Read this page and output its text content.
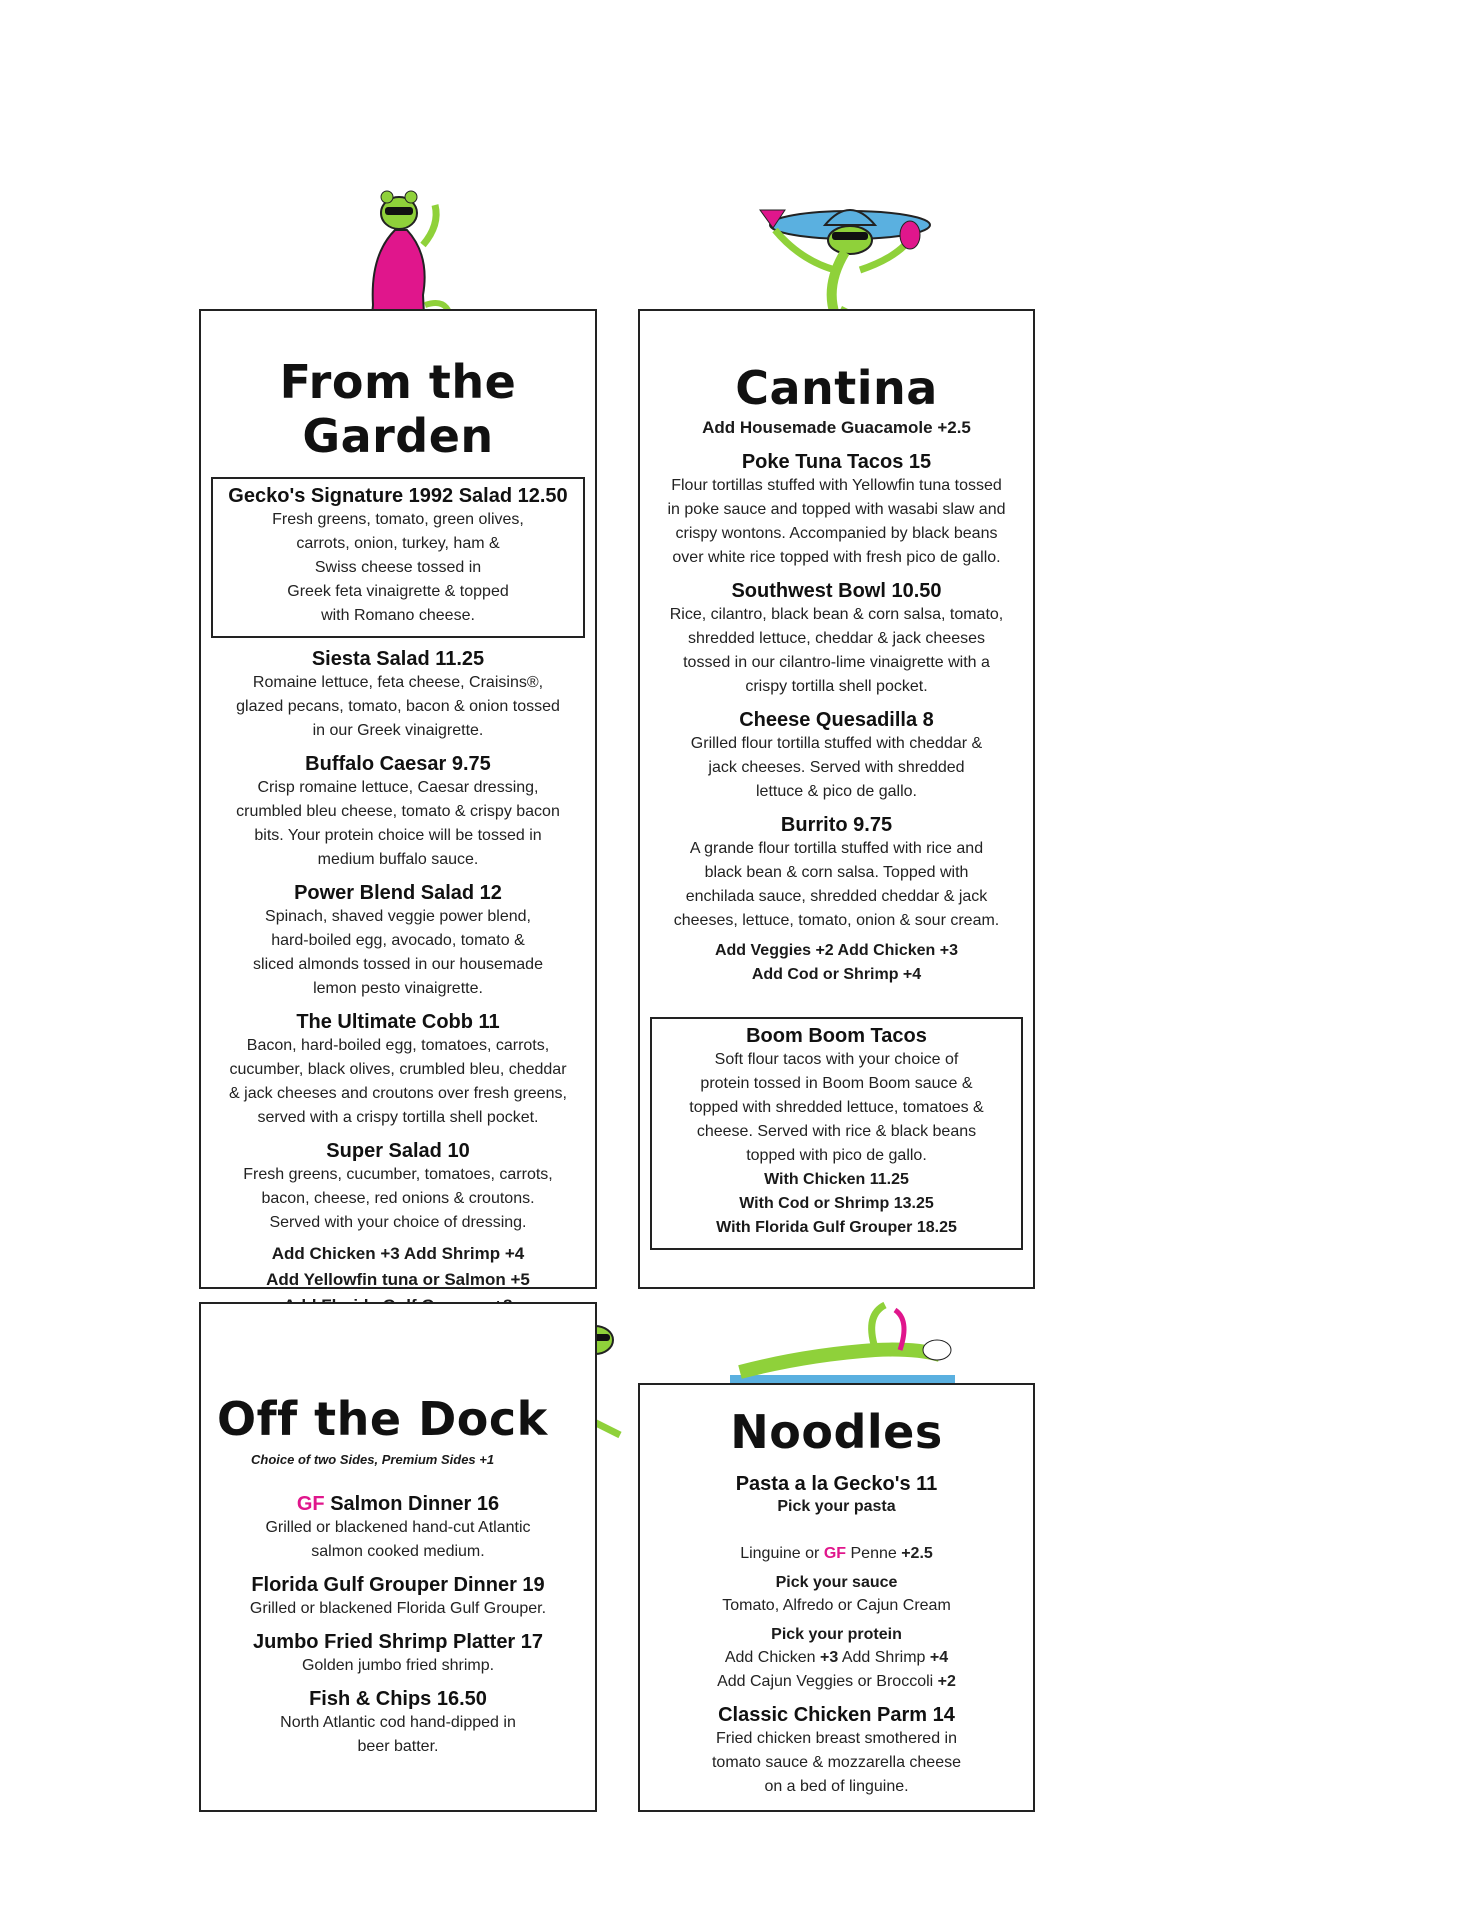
From the Garden
Gecko's Signature 1992 Salad 12.50
Fresh greens, tomato, green olives,
carrots, onion, turkey, ham &
Swiss cheese tossed in
Greek feta vinaigrette & topped
with Romano cheese.
Siesta Salad 11.25
Romaine lettuce, feta cheese, Craisins®,
glazed pecans, tomato, bacon & onion tossed
in our Greek vinaigrette.
Buffalo Caesar 9.75
Crisp romaine lettuce, Caesar dressing,
crumbled bleu cheese, tomato & crispy bacon
bits. Your protein choice will be tossed in
medium buffalo sauce.
Power Blend Salad 12
Spinach, shaved veggie power blend,
hard-boiled egg, avocado, tomato &
sliced almonds tossed in our housemade
lemon pesto vinaigrette.
The Ultimate Cobb 11
Bacon, hard-boiled egg, tomatoes, carrots,
cucumber, black olives, crumbled bleu, cheddar
& jack cheeses and croutons over fresh greens,
served with a crispy tortilla shell pocket.
Super Salad 10
Fresh greens, cucumber, tomatoes, carrots,
bacon, cheese, red onions & croutons.
Served with your choice of dressing.
Add Chicken +3 Add Shrimp +4
Add Yellowfin tuna or Salmon +5

Cantina
Add Housemade Guacamole +2.5
Poke Tuna Tacos 15
Flour tortillas stuffed with Yellowfin tuna tossed
in poke sauce and topped with wasabi slaw and
crispy wontons. Accompanied by black beans
over white rice topped with fresh pico de gallo.
Southwest Bowl 10.50
Rice, cilantro, black bean & corn salsa, tomato,
shredded lettuce, cheddar & jack cheeses
tossed in our cilantro-lime vinaigrette with a
crispy tortilla shell pocket.
Cheese Quesadilla 8
Grilled flour tortilla stuffed with cheddar &
jack cheeses. Served with shredded
lettuce & pico de gallo.
Burrito 9.75
A grande flour tortilla stuffed with rice and
black bean & corn salsa. Topped with
enchilada sauce, shredded cheddar & jack
cheeses, lettuce, tomato, onion & sour cream.
Add Veggies +2 Add Chicken +3
Add Cod or Shrimp +4
Boom Boom Tacos
Soft flour tacos with your choice of
protein tossed in Boom Boom sauce &
topped with shredded lettuce, tomatoes &
cheese. Served with rice & black beans
topped with pico de gallo.
With Chicken 11.25
With Cod or Shrimp 13.25
With Florida Gulf Grouper 18.25
Off the Dock
Choice of two Sides, Premium Sides +1
GF Salmon Dinner 16
Grilled or blackened hand-cut Atlantic
salmon cooked medium.
Florida Gulf Grouper Dinner 19
Grilled or blackened Florida Gulf Grouper.
Jumbo Fried Shrimp Platter 17
Golden jumbo fried shrimp.
Fish & Chips 16.50
North Atlantic cod hand-dipped in
beer batter.
Noodles
Pasta a la Gecko's 11
Pick your pasta

Linguine or GF Penne +2.5

Pick your sauce
Tomato, Alfredo or Cajun Cream
Pick your protein
Add Chicken +3 Add Shrimp +4
Add Cajun Veggies or Broccoli +2
Classic Chicken Parm 14
Fried chicken breast smothered in
tomato sauce & mozzarella cheese
on a bed of linguine.
